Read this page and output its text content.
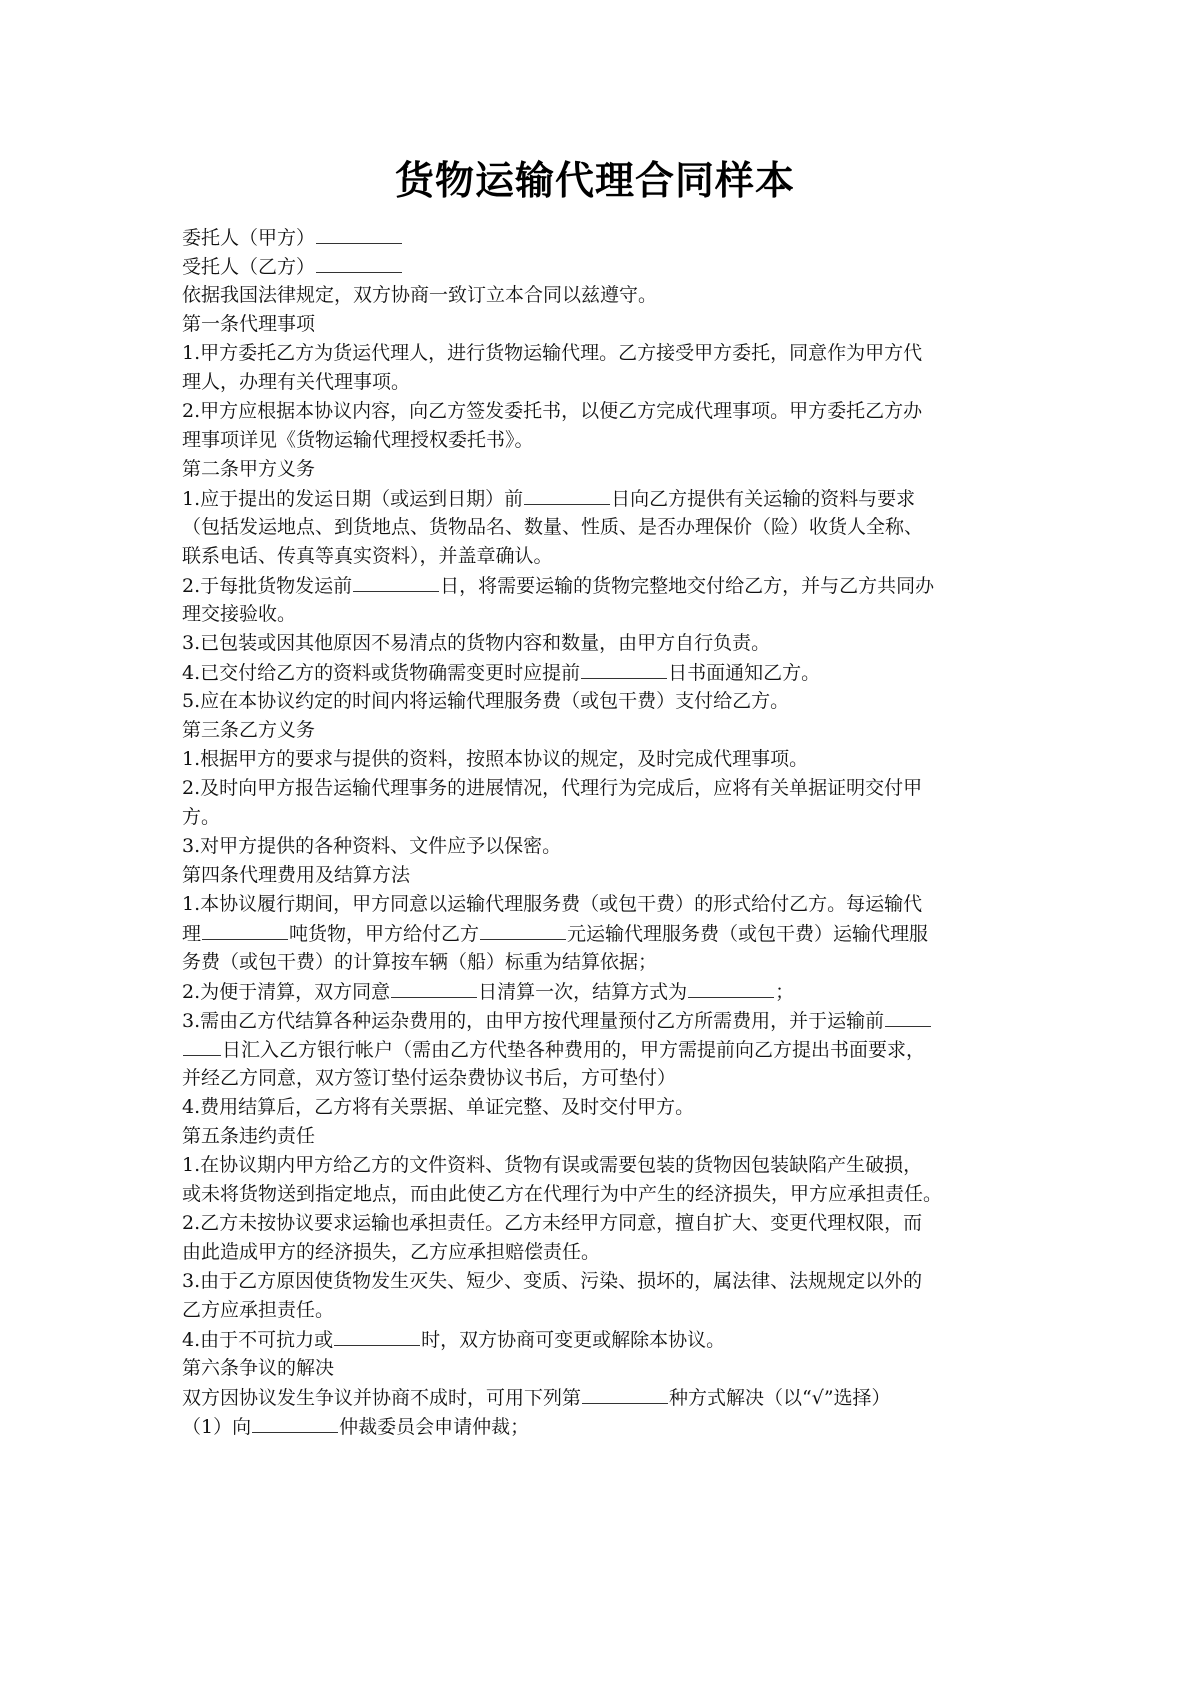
货物运输代理合同样本
委托人（甲方）
受托人（乙方）
依据我国法律规定，双方协商一致订立本合同以兹遵守。
第一条代理事项
1.甲方委托乙方为货运代理人，进行货物运输代理。乙方接受甲方委托，同意作为甲方代
理人，办理有关代理事项。
2.甲方应根据本协议内容，向乙方签发委托书，以便乙方完成代理事项。甲方委托乙方办
理事项详见《货物运输代理授权委托书》。
第二条甲方义务
1.应于提出的发运日期（或运到日期）前	日向乙方提供有关运输的资料与要求
（包括发运地点、到货地点、货物品名、数量、性质、是否办理保价（险）收货人全称、
联系电话、传真等真实资料），并盖章确认。
2.于每批货物发运前	日，将需要运输的货物完整地交付给乙方，并与乙方共同办
理交接验收。
3.已包装或因其他原因不易清点的货物内容和数量，由甲方自行负责。
4.已交付给乙方的资料或货物确需变更时应提前	日书面通知乙方。
5.应在本协议约定的时间内将运输代理服务费（或包干费）支付给乙方。
第三条乙方义务
1.根据甲方的要求与提供的资料，按照本协议的规定，及时完成代理事项。
2.及时向甲方报告运输代理事务的进展情况，代理行为完成后，应将有关单据证明交付甲
方。
3.对甲方提供的各种资料、文件应予以保密。
第四条代理费用及结算方法
1.本协议履行期间，甲方同意以运输代理服务费（或包干费）的形式给付乙方。每运输代
理	吨货物，甲方给付乙方	元运输代理服务费（或包干费）运输代理服
务费（或包干费）的计算按车辆（船）标重为结算依据；
2.为便于清算，双方同意	日清算一次，结算方式为	；
3.需由乙方代结算各种运杂费用的，由甲方按代理量预付乙方所需费用，并于运输前
日汇入乙方银行帐户（需由乙方代垫各种费用的，甲方需提前向乙方提出书面要求，
并经乙方同意，双方签订垫付运杂费协议书后，方可垫付）
4.费用结算后，乙方将有关票据、单证完整、及时交付甲方。
第五条违约责任
1.在协议期内甲方给乙方的文件资料、货物有误或需要包装的货物因包装缺陷产生破损，
或未将货物送到指定地点，而由此使乙方在代理行为中产生的经济损失，甲方应承担责任。
2.乙方未按协议要求运输也承担责任。乙方未经甲方同意，擅自扩大、变更代理权限，而
由此造成甲方的经济损失，乙方应承担赔偿责任。
3.由于乙方原因使货物发生灭失、短少、变质、污染、损坏的，属法律、法规规定以外的
乙方应承担责任。
4.由于不可抗力或	时，双方协商可变更或解除本协议。
第六条争议的解决
双方因协议发生争议并协商不成时，可用下列第	种方式解决（以“√”选择）
（1）向	仲裁委员会申请仲裁；
